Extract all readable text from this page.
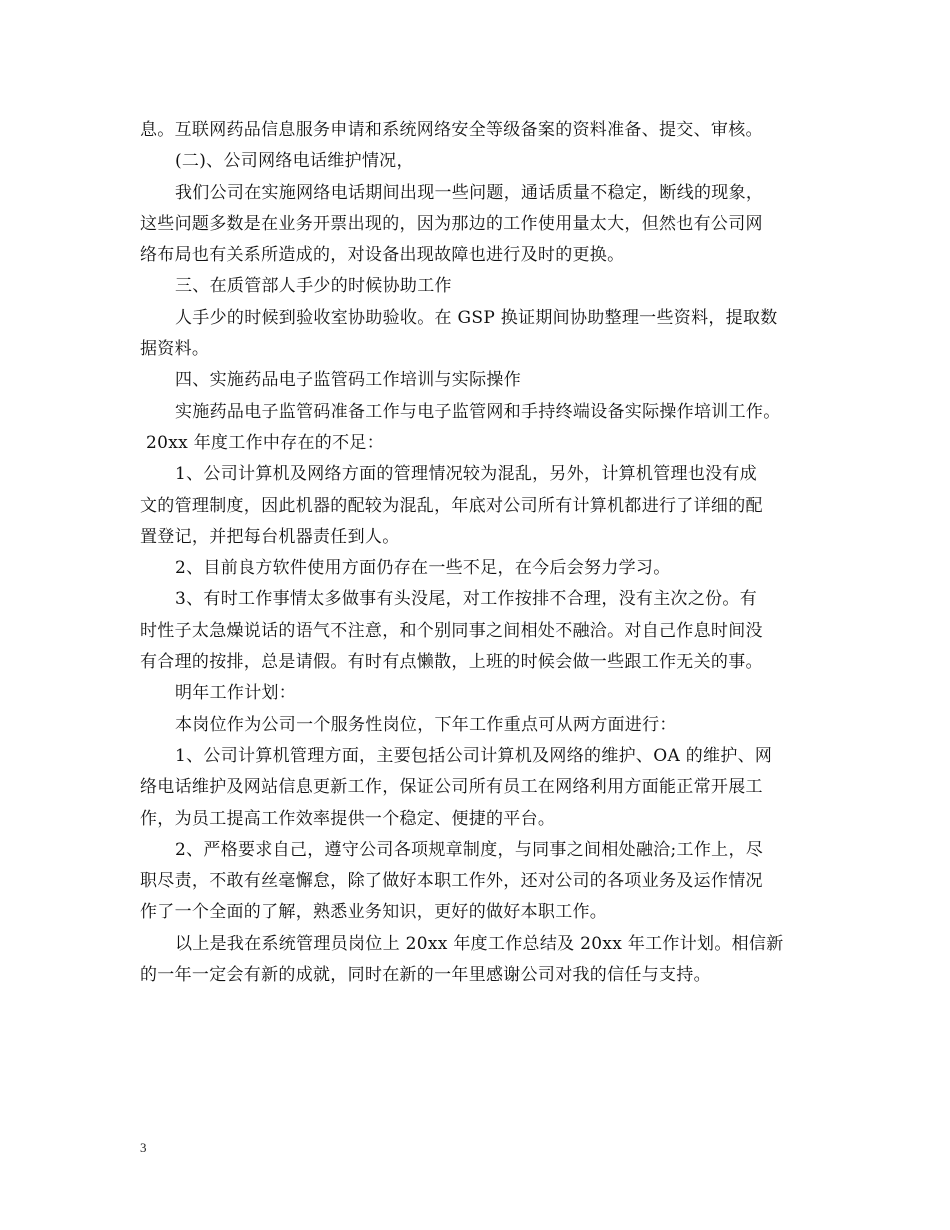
息。互联网药品信息服务申请和系统网络安全等级备案的资料准备、提交、审核。
(二)、公司网络电话维护情况，
我们公司在实施网络电话期间出现一些问题，通话质量不稳定，断线的现象，
这些问题多数是在业务开票出现的，因为那边的工作使用量太大，但然也有公司网
络布局也有关系所造成的，对设备出现故障也进行及时的更换。
三、在质管部人手少的时候协助工作
人手少的时候到验收室协助验收。在 GSP 换证期间协助整理一些资料，提取数
据资料。
四、实施药品电子监管码工作培训与实际操作
实施药品电子监管码准备工作与电子监管网和手持终端设备实际操作培训工作。
20xx 年度工作中存在的不足：
1、公司计算机及网络方面的管理情况较为混乱，另外，计算机管理也没有成
文的管理制度，因此机器的配较为混乱，年底对公司所有计算机都进行了详细的配
置登记，并把每台机器责任到人。
2、目前良方软件使用方面仍存在一些不足，在今后会努力学习。
3、有时工作事情太多做事有头没尾，对工作按排不合理，没有主次之份。有
时性子太急燥说话的语气不注意，和个别同事之间相处不融洽。对自己作息时间没
有合理的按排，总是请假。有时有点懒散，上班的时候会做一些跟工作无关的事。
明年工作计划：
本岗位作为公司一个服务性岗位，下年工作重点可从两方面进行：
1、公司计算机管理方面，主要包括公司计算机及网络的维护、OA 的维护、网
络电话维护及网站信息更新工作，保证公司所有员工在网络利用方面能正常开展工
作，为员工提高工作效率提供一个稳定、便捷的平台。
2、严格要求自己，遵守公司各项规章制度，与同事之间相处融洽;工作上，尽
职尽责，不敢有丝毫懈怠，除了做好本职工作外，还对公司的各项业务及运作情况
作了一个全面的了解，熟悉业务知识，更好的做好本职工作。
以上是我在系统管理员岗位上 20xx 年度工作总结及 20xx 年工作计划。相信新
的一年一定会有新的成就，同时在新的一年里感谢公司对我的信任与支持。
3
